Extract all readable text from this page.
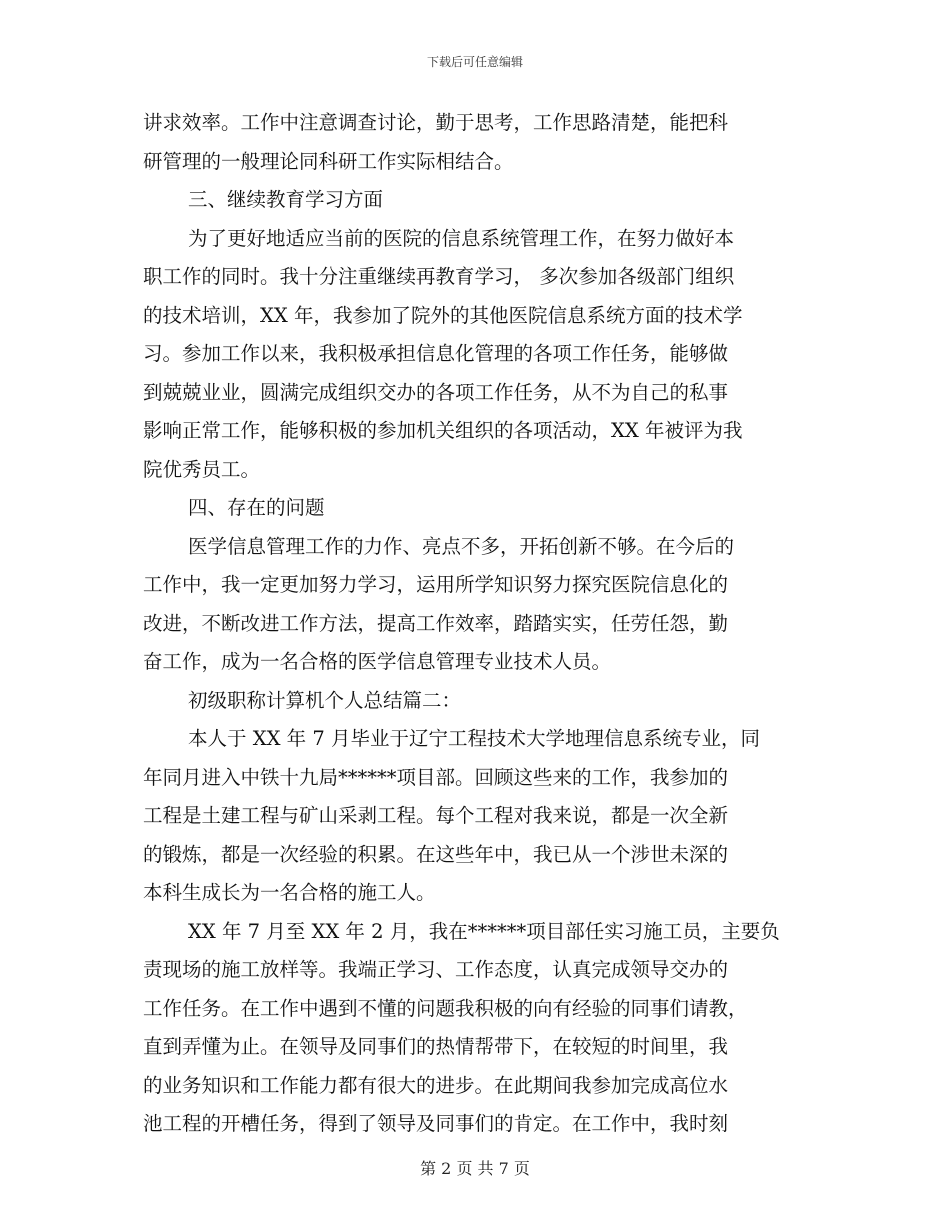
下载后可任意编辑
讲求效率。工作中注意调查讨论，勤于思考，工作思路清楚，能把科
研管理的一般理论同科研工作实际相结合。
三、继续教育学习方面
为了更好地适应当前的医院的信息系统管理工作，在努力做好本
职工作的同时。我十分注重继续再教育学习， 多次参加各级部门组织
的技术培训，XX 年，我参加了院外的其他医院信息系统方面的技术学
习。参加工作以来，我积极承担信息化管理的各项工作任务，能够做
到兢兢业业，圆满完成组织交办的各项工作任务，从不为自己的私事
影响正常工作，能够积极的参加机关组织的各项活动，XX 年被评为我
院优秀员工。
四、存在的问题
医学信息管理工作的力作、亮点不多，开拓创新不够。在今后的
工作中，我一定更加努力学习，运用所学知识努力探究医院信息化的
改进，不断改进工作方法，提高工作效率，踏踏实实，任劳任怨，勤
奋工作，成为一名合格的医学信息管理专业技术人员。
初级职称计算机个人总结篇二：
本人于 XX 年 7 月毕业于辽宁工程技术大学地理信息系统专业，同
年同月进入中铁十九局******项目部。回顾这些来的工作，我参加的
工程是土建工程与矿山采剥工程。每个工程对我来说，都是一次全新
的锻炼，都是一次经验的积累。在这些年中，我已从一个涉世未深的
本科生成长为一名合格的施工人。
XX 年 7 月至 XX 年 2 月，我在******项目部任实习施工员，主要负
责现场的施工放样等。我端正学习、工作态度，认真完成领导交办的
工作任务。在工作中遇到不懂的问题我积极的向有经验的同事们请教，
直到弄懂为止。在领导及同事们的热情帮带下，在较短的时间里，我
的业务知识和工作能力都有很大的进步。在此期间我参加完成高位水
池工程的开槽任务，得到了领导及同事们的肯定。在工作中，我时刻
第 2 页 共 7 页
